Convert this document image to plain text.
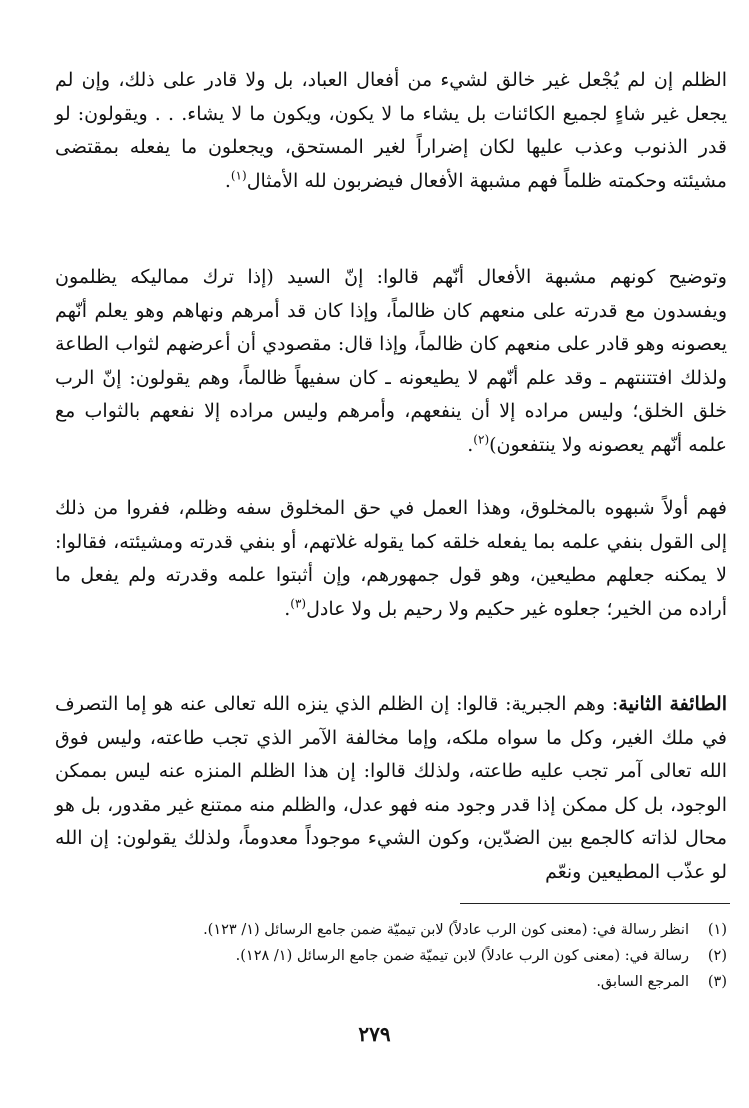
الظلم إن لم يُجْعل غير خالق لشيء من أفعال العباد، بل ولا قادر على ذلك، وإن لم يجعل غير شاءٍ لجميع الكائنات بل يشاء ما لا يكون، ويكون ما لا يشاء. . . ويقولون: لو قدر الذنوب وعذب عليها لكان إضراراً لغير المستحق، ويجعلون ما يفعله بمقتضى مشيئته وحكمته ظلماً فهم مشبهة الأفعال فيضربون لله الأمثال$^{(١)}$.

وتوضيح كونهم مشبهة الأفعال أنّهم قالوا: إنّ السيد (إذا ترك مماليكه يظلمون ويفسدون مع قدرته على منعهم كان ظالماً، وإذا كان قد أمرهم ونهاهم وهو يعلم أنّهم يعصونه وهو قادر على منعهم كان ظالماً، وإذا قال: مقصودي أن أعرضهم لثواب الطاعة ولذلك افتتنتهم ـ وقد علم أنّهم لا يطيعونه ـ كان سفيهاً ظالماً، وهم يقولون: إنّ الرب خلق الخلق؛ وليس مراده إلا أن ينفعهم، وأمرهم وليس مراده إلا نفعهم بالثواب مع علمه أنّهم يعصونه ولا ينتفعون)$^{(٢)}$.

فهم أولاً شبهوه بالمخلوق، وهذا العمل في حق المخلوق سفه وظلم، ففروا من ذلك إلى القول بنفي علمه بما يفعله خلقه كما يقوله غلاتهم، أو بنفي قدرته ومشيئته، فقالوا: لا يمكنه جعلهم مطيعين، وهو قول جمهورهم، وإن أثبتوا علمه وقدرته ولم يفعل ما أراده من الخير؛ جعلوه غير حكيم ولا رحيم بل ولا عادل$^{(٣)}$.

الطائفة الثانية: وهم الجبرية: قالوا: إن الظلم الذي ينزه الله تعالى عنه هو إما التصرف في ملك الغير، وكل ما سواه ملكه، وإما مخالفة الآمر الذي تجب طاعته، وليس فوق الله تعالى آمر تجب عليه طاعته، ولذلك قالوا: إن هذا الظلم المنزه عنه ليس بممكن الوجود، بل كل ممكن إذا قدر وجود منه فهو عدل، والظلم منه ممتنع غير مقدور، بل هو محال لذاته كالجمع بين الضدّين، وكون الشيء موجوداً معدوماً، ولذلك يقولون: إن الله لو عذّب المطيعين ونعّم

(١)انظر رسالة في: (معنى كون الرب عادلاً) لابن تيميّة ضمن جامع الرسائل (١/ ١٢٣).
(٢)رسالة في: (معنى كون الرب عادلاً) لابن تيميّة ضمن جامع الرسائل (١/ ١٢٨).
(٣)المرجع السابق.
٢٧٩
